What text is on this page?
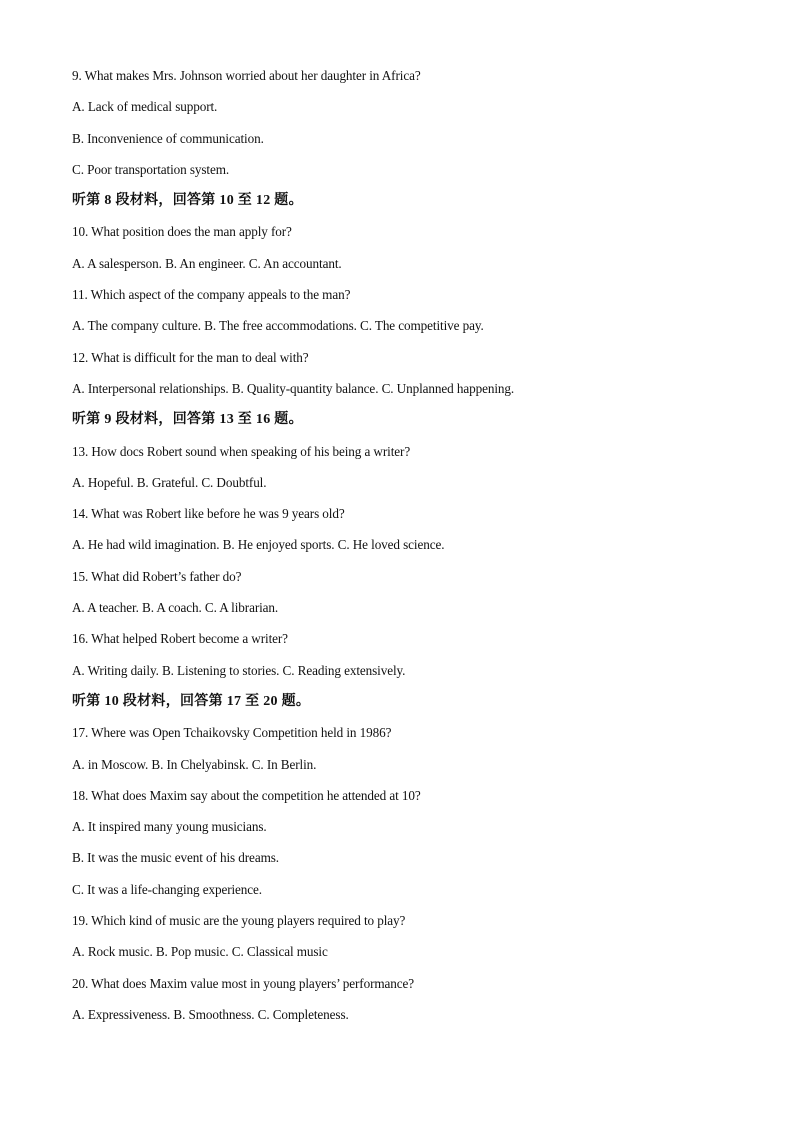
9. What makes Mrs. Johnson worried about her daughter in Africa?
A. Lack of medical support.
B. Inconvenience of communication.
C. Poor transportation system.
听第 8 段材料，回答第 10 至 12 题。
10. What position does the man apply for?
A. A salesperson. B. An engineer. C. An accountant.
11. Which aspect of the company appeals to the man?
A. The company culture. B. The free accommodations. C. The competitive pay.
12. What is difficult for the man to deal with?
A. Interpersonal relationships. B. Quality-quantity balance. C. Unplanned happening.
听第 9 段材料，回答第 13 至 16 题。
13. How docs Robert sound when speaking of his being a writer?
A. Hopeful. B. Grateful. C. Doubtful.
14. What was Robert like before he was 9 years old?
A. He had wild imagination. B. He enjoyed sports. C. He loved science.
15. What did Robert’s father do?
A. A teacher. B. A coach. C. A librarian.
16. What helped Robert become a writer?
A. Writing daily. B. Listening to stories. C. Reading extensively.
听第 10 段材料，回答第 17 至 20 题。
17. Where was Open Tchaikovsky Competition held in 1986?
A. in Moscow. B. In Chelyabinsk. C. In Berlin.
18. What does Maxim say about the competition he attended at 10?
A. It inspired many young musicians.
B. It was the music event of his dreams.
C. It was a life-changing experience.
19. Which kind of music are the young players required to play?
A. Rock music. B. Pop music. C. Classical music
20. What does Maxim value most in young players’ performance?
A. Expressiveness. B. Smoothness. C. Completeness.
